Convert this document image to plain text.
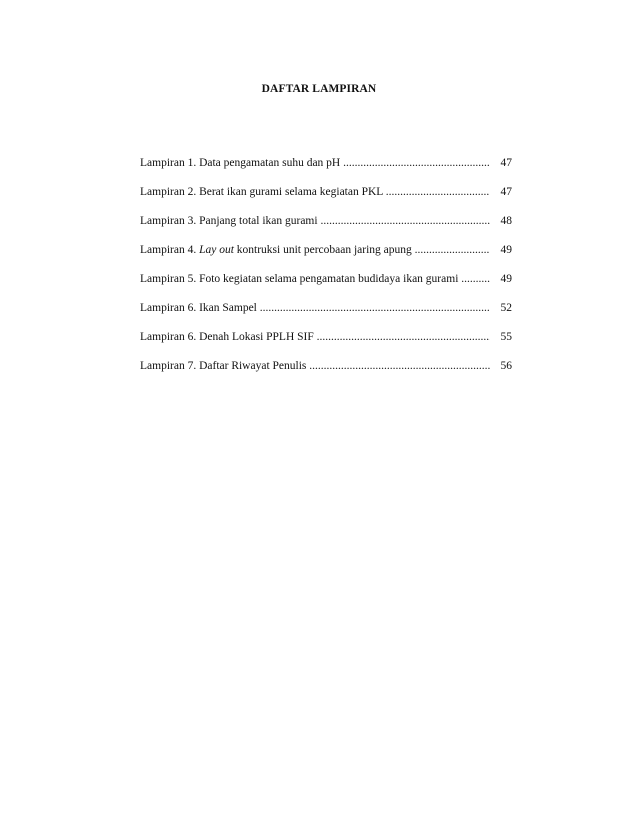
DAFTAR LAMPIRAN
Lampiran 1. Data pengamatan suhu dan pH .....	47
Lampiran 2. Berat ikan gurami selama kegiatan PKL .....	47
Lampiran 3. Panjang total ikan gurami .....	48
Lampiran 4. Lay out kontruksi unit percobaan jaring apung .....	49
Lampiran 5. Foto kegiatan selama pengamatan budidaya ikan gurami .....	49
Lampiran 6. Ikan Sampel .....	52
Lampiran 6. Denah Lokasi PPLH SIF .....	55
Lampiran 7. Daftar Riwayat Penulis .....	56
